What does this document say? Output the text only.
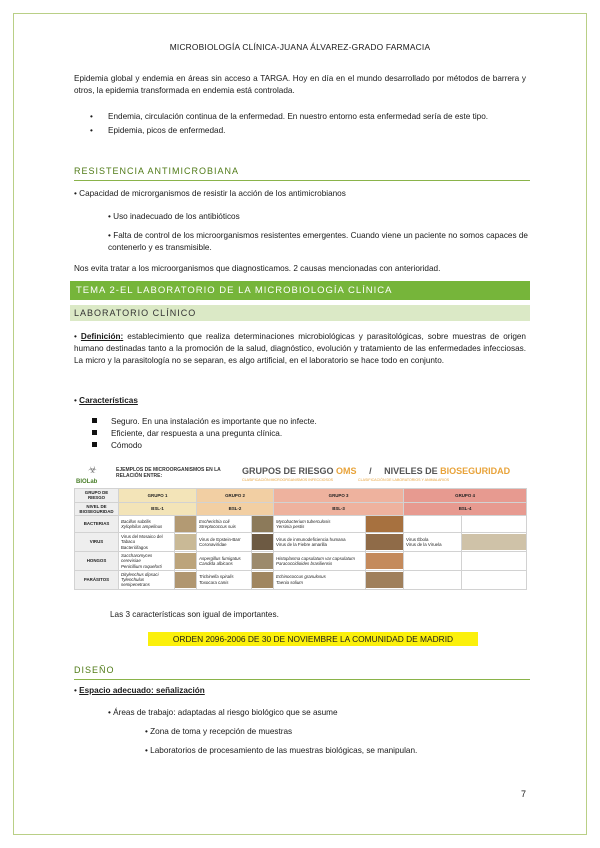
MICROBIOLOGÍA CLÍNICA-JUANA ÁLVAREZ-GRADO FARMACIA

Epidemia global y endemia en áreas sin acceso a TARGA. Hoy en día en el mundo desarrollado por métodos de barrera y otros, la epidemia transformada en endemia está controlada.

• Endemia, circulación continua de la enfermedad. En nuestro entorno esta enfermedad sería de este tipo.
• Epidemia, picos de enfermedad.
RESISTENCIA ANTIMICROBIANA

• Capacidad de microrganismos de resistir la acción de los antimicrobianos

• Uso inadecuado de los antibióticos

• Falta de control de los microorganismos resistentes emergentes. Cuando viene un paciente no somos capaces de contenerlo y es transmisible.

Nos evita tratar a los microorganismos que diagnosticamos. 2 causas mencionadas con anterioridad.

TEMA 2-EL LABORATORIO DE LA MICROBIOLOGÍA CLÍNICA
LABORATORIO CLÍNICO

• Definición: establecimiento que realiza determinaciones microbiológicas y parasitológicas, sobre muestras de origen humano destinadas tanto a la promoción de la salud, diagnóstico, evolución y tratamiento de las enfermedades infecciosas. La micro y la parasitología no se separan, es algo artificial, en el laboratorio se hace todo en conjunto.

• Características

Seguro. En una instalación es importante que no infecte.
Eficiente, dar respuesta a una pregunta clínica.
Cómodo
☣
BIOLab
EJEMPLOS DE MICROORGANISMOS EN LA RELACIÓN ENTRE:	GRUPOS DE RIESGO OMS / NIVELES DE BIOSEGURIDAD
CLASIFICACIÓN MICROORGANISMOS INFECCIOSOS	CLASIFICACIÓN DE LABORATORIOS Y ANIMALARIOS
GRUPO DE RIESGO	GRUPO 1		GRUPO 2		GRUPO 3		GRUPO 4	
NIVEL DE BIOSEGURIDAD	BSL-1		BSL-2		BSL-3		BSL-4	
BACTERIAS	Bacillus subtilis
Xylophilus ampelinus		Escherichia coli
Streptococcus suis		Mycobacterium tuberculosis
Yersinia pestis	

VIRUS	Virus del Mosaico del Tabaco
Bacteriófagos		Virus de Epstein-Barr
Coronavirídae		Virus de inmunodeficiencia humana
Virus de la Fiebre amarilla		Virus Ébola
Virus de la Viruela	

HONGOS	Saccharomyces cerevisiae
Penicillium roqueforti		Aspergillus fumigatus
Candida albicans		Histoplasma capsulatum var capsulatum
Paracoccidioides brasiliensis	

PARÁSITOS	Ditylenchus dipsaci
Tylenchulus semipenetrans		Trichinella spiralis
Toxocara canis		Echinococcus granulosus
Taenia solium	

Las 3 características son igual de importantes.

ORDEN 2096-2006 DE 30 DE NOVIEMBRE LA COMUNIDAD DE MADRID
DISEÑO

• Espacio adecuado: señalización

• Áreas de trabajo: adaptadas al riesgo biológico que se asume

• Zona de toma y recepción de muestras

• Laboratorios de procesamiento de las muestras biológicas, se manipulan.

7
